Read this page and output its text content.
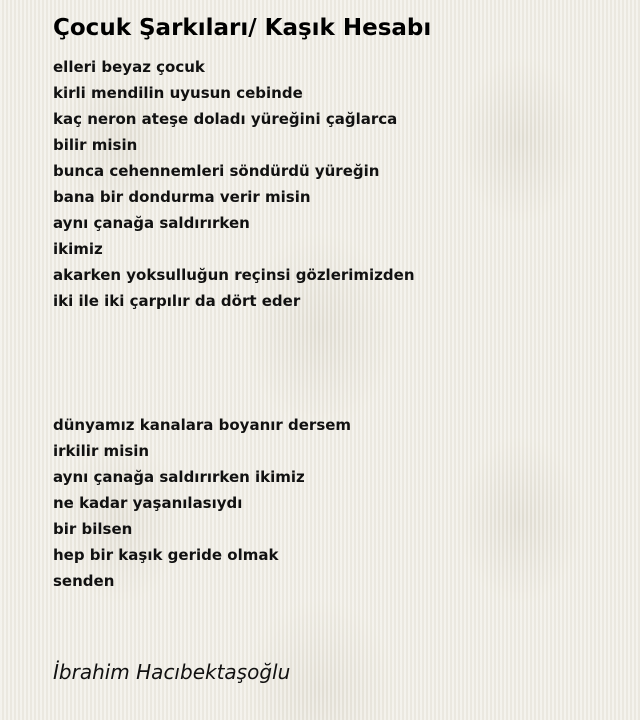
Çocuk Şarkıları/ Kaşık Hesabı
elleri beyaz çocuk
kirli mendilin uyusun cebinde
kaç neron ateşe doladı yüreğini çağlarca
bilir misin
bunca cehennemleri söndürdü yüreğin
bana bir dondurma verir misin
aynı çanağa saldırırken
ikimiz
akarken yoksulluğun reçinsi gözlerimizden
iki ile iki çarpılır da dört eder
dünyamız kanalara boyanır dersem
irkilir misin
aynı çanağa saldırırken ikimiz
ne kadar yaşanılasıydı
bir bilsen
hep bir kaşık geride olmak
senden

İbrahim Hacıbektaşoğlu
